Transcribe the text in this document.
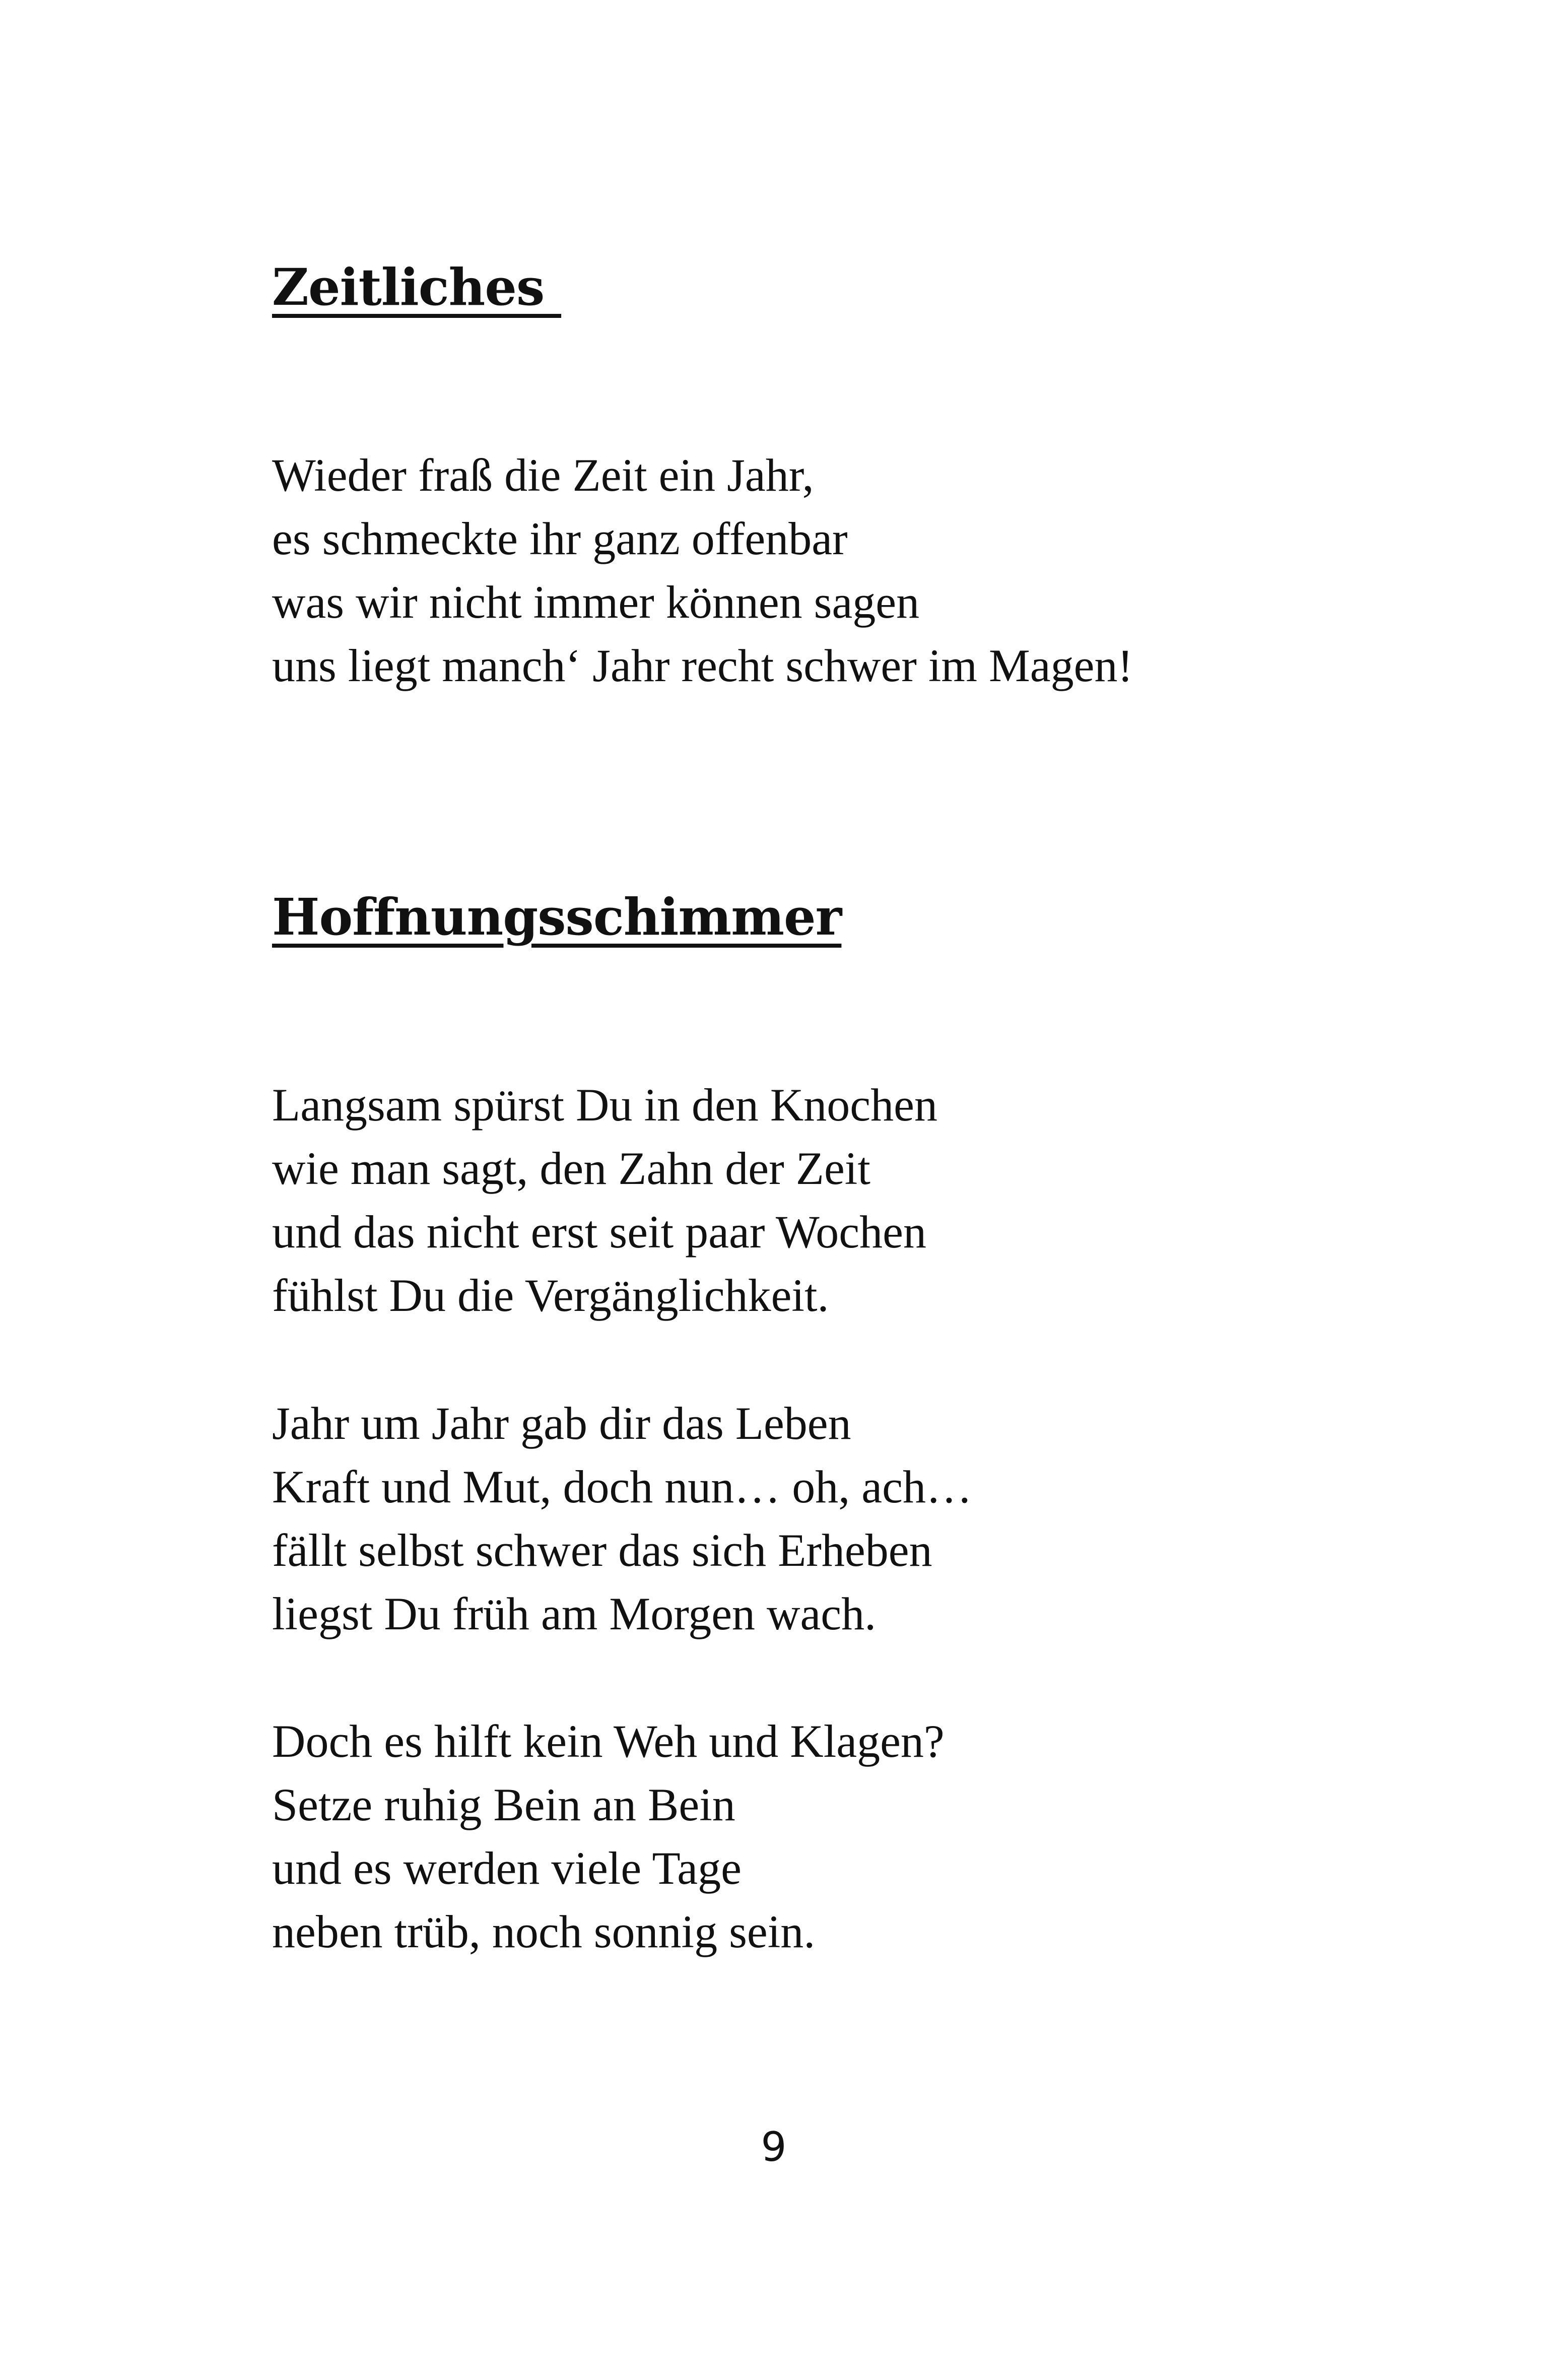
Zeitliches
Wieder fraß die Zeit ein Jahr,
es schmeckte ihr ganz offenbar
was wir nicht immer können sagen
uns liegt manch‘ Jahr recht schwer im Magen!
Hoffnungsschimmer
Langsam spürst Du in den Knochen
wie man sagt, den Zahn der Zeit
und das nicht erst seit paar Wochen
fühlst Du die Vergänglichkeit.
Jahr um Jahr gab dir das Leben
Kraft und Mut, doch nun… oh, ach…
fällt selbst schwer das sich Erheben
liegst Du früh am Morgen wach.
Doch es hilft kein Weh und Klagen?
Setze ruhig Bein an Bein
und es werden viele Tage
neben trüb, noch sonnig sein.
9
